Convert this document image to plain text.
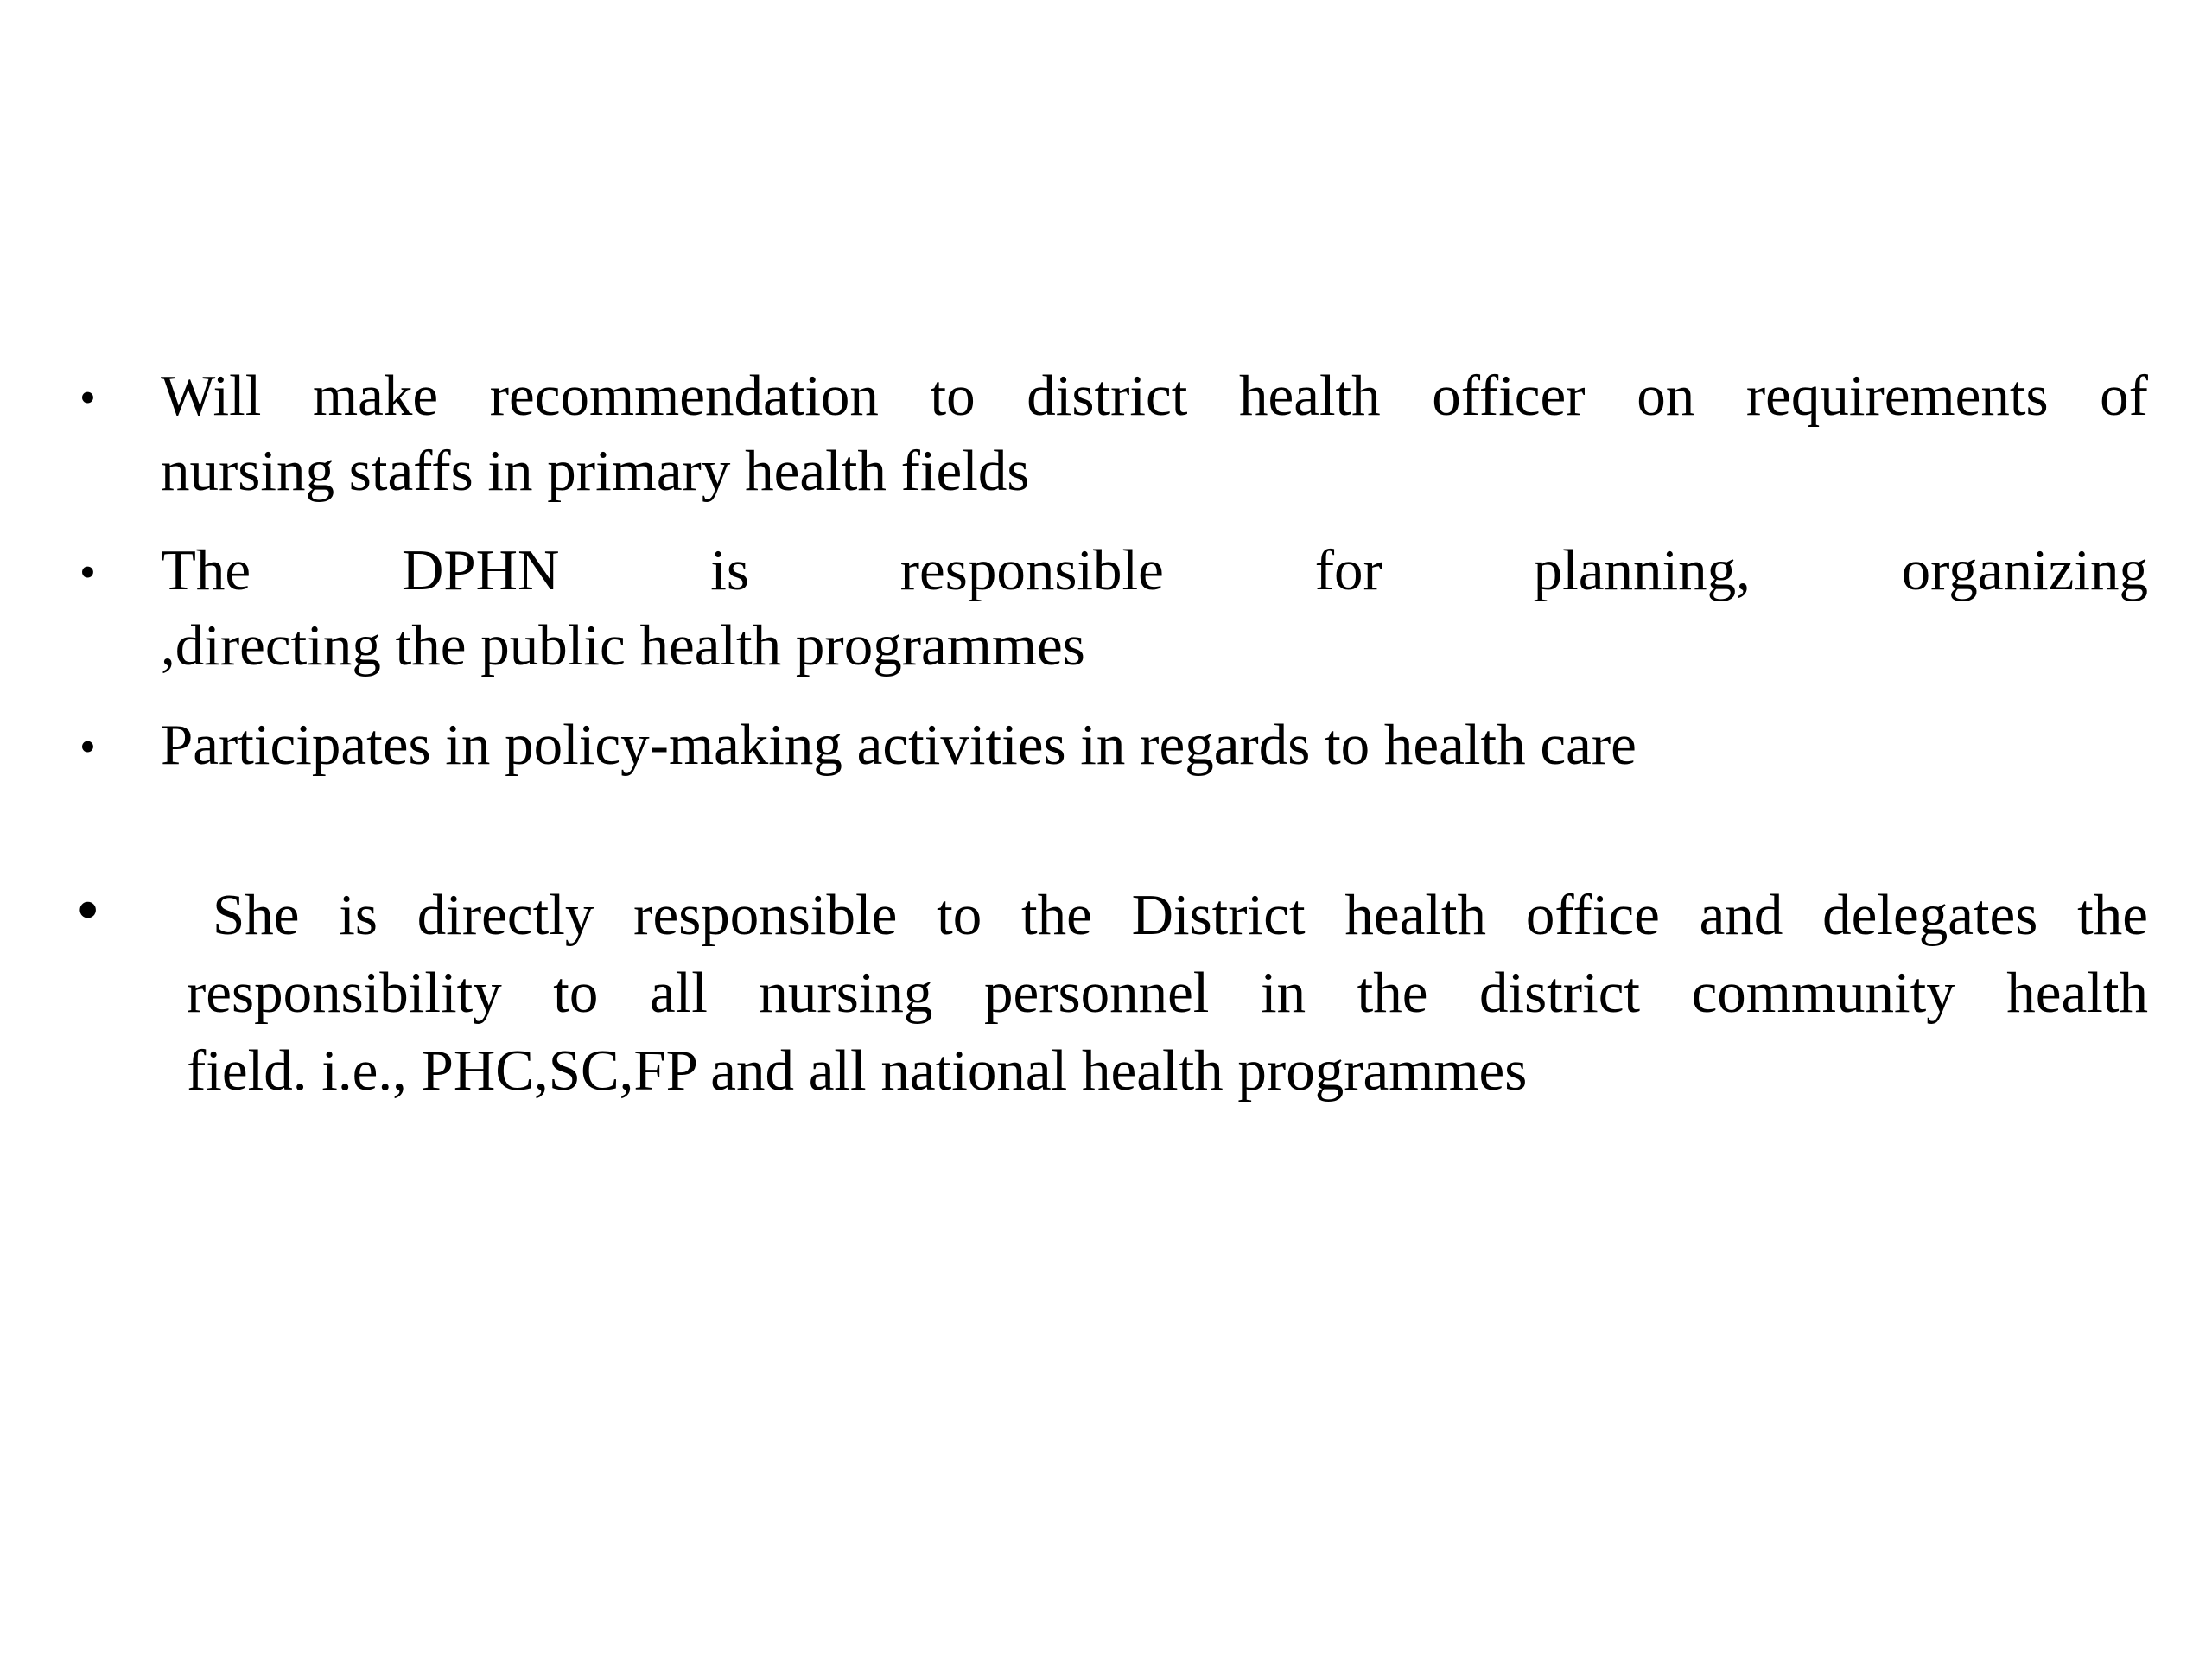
• Will make recommendation to district health officer on requirements of
nursing staffs in primary health fields
• The DPHN is responsible for planning, organizing
,directing the public health programmes
• Participates in policy-making activities in regards to health care
•	She is directly responsible to the District health office and delegates the
responsibility to all nursing personnel in the district community health
field. i.e., PHC,SC,FP and all national health programmes
